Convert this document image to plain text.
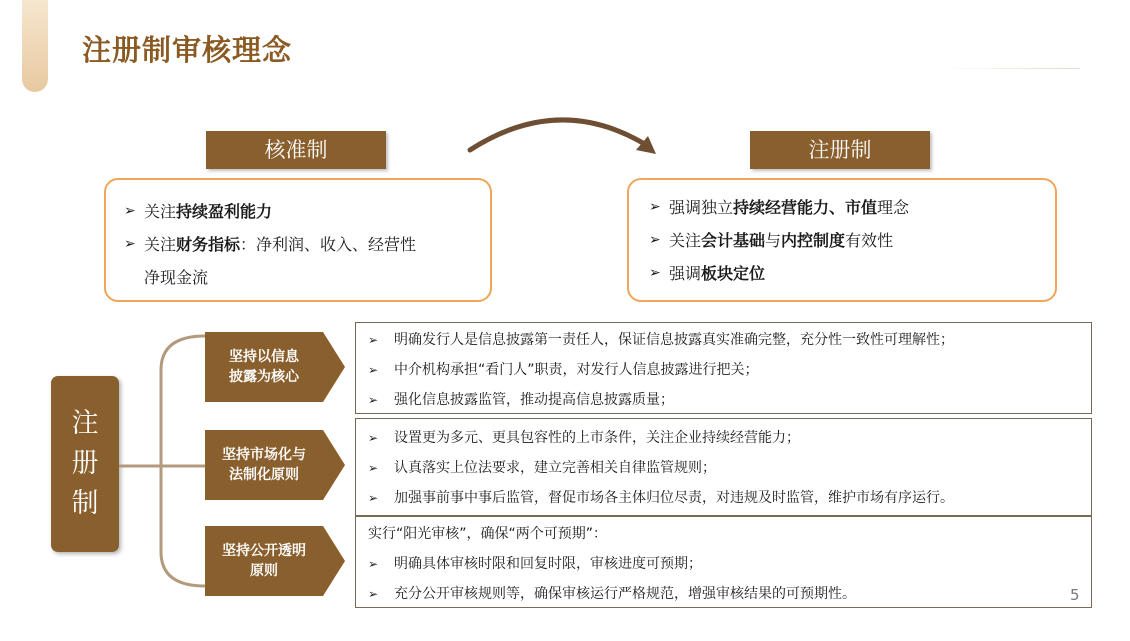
注册制审核理念
核准制	注册制
➢ 关注持续盈利能力
➢ 关注财务指标：净利润、收入、经营性
净现金流
➢ 强调独立持续经营能力、市值理念
➢ 关注会计基础与内控制度有效性
➢ 强调板块定位
注
册
制
坚持以信息
披露为核心
➢ 明确发行人是信息披露第一责任人，保证信息披露真实准确完整，充分性一致性可理解性；
➢ 中介机构承担“看门人”职责，对发行人信息披露进行把关；
➢ 强化信息披露监管，推动提高信息披露质量；
坚持市场化与
法制化原则
➢ 设置更为多元、更具包容性的上市条件，关注企业持续经营能力；
➢ 认真落实上位法要求，建立完善相关自律监管规则；
➢ 加强事前事中事后监管，督促市场各主体归位尽责，对违规及时监管，维护市场有序运行。
坚持公开透明
原则
实行“阳光审核”，确保“两个可预期”：
➢ 明确具体审核时限和回复时限，审核进度可预期；
➢ 充分公开审核规则等，确保审核运行严格规范，增强审核结果的可预期性。	5
